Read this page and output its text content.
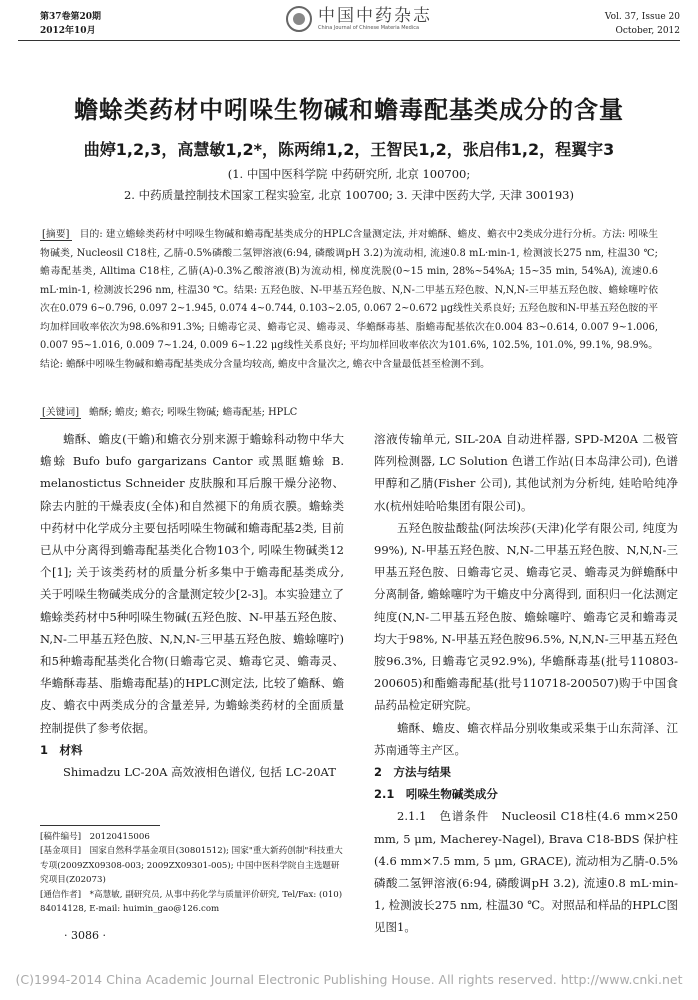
第37卷第20期
2012年10月
中国中药杂志
China Journal of Chinese Materia Medica
Vol. 37, Issue 20
October, 2012
蟾蜍类药材中吲哚生物碱和蟾毒配基类成分的含量
曲婷1,2,3，高慧敏1,2*，陈两绵1,2，王智民1,2，张启伟1,2，程翼宇3
(1. 中国中医科学院 中药研究所, 北京 100700;
2. 中药质量控制技术国家工程实验室, 北京 100700; 3. 天津中医药大学, 天津 300193)
[摘要] 目的: 建立蟾蜍类药材中吲哚生物碱和蟾毒配基类成分的HPLC含量测定法, 并对蟾酥、蟾皮、蟾衣中2类成分进行分析。方法: 吲哚生物碱类, Nucleosil C18柱, 乙腈-0.5%磷酸二氢钾溶液(6:94, 磷酸调pH 3.2)为流动相, 流速0.8 mL·min-1, 检测波长275 nm, 柱温30 ℃; 蟾毒配基类, Alltima C18柱, 乙腈(A)-0.3%乙酸溶液(B)为流动相, 梯度洗脱(0~15 min, 28%~54%A; 15~35 min, 54%A), 流速0.6 mL·min-1, 检测波长296 nm, 柱温30 ℃。结果: 五羟色胺、N-甲基五羟色胺、N,N-二甲基五羟色胺、N,N,N-三甲基五羟色胺、蟾蜍噻咛依次在0.079 6~0.796, 0.097 2~1.945, 0.074 4~0.744, 0.103~2.05, 0.067 2~0.672 μg线性关系良好; 五羟色胺和N-甲基五羟色胺的平均加样回收率依次为98.6%和91.3%; 日蟾毒它灵、蟾毒它灵、蟾毒灵、华蟾酥毒基、脂蟾毒配基依次在0.004 83~0.614, 0.007 9~1.006, 0.007 95~1.016, 0.009 7~1.24, 0.009 6~1.22 μg线性关系良好; 平均加样回收率依次为101.6%, 102.5%, 101.0%, 99.1%, 98.9%。结论: 蟾酥中吲哚生物碱和蟾毒配基类成分含量均较高, 蟾皮中含量次之, 蟾衣中含量最低甚至检测不到。
[关键词] 蟾酥; 蟾皮; 蟾衣; 吲哚生物碱; 蟾毒配基; HPLC

蟾酥、蟾皮(干蟾)和蟾衣分别来源于蟾蜍科动物中华大蟾蜍 Bufo bufo gargarizans Cantor 或黑眶蟾蜍 B. melanostictus Schneider 皮肤腺和耳后腺干燥分泌物、除去内脏的干燥表皮(全体)和自然褪下的角质衣膜。蟾蜍类中药材中化学成分主要包括吲哚生物碱和蟾毒配基2类, 目前已从中分离得到蟾毒配基类化合物103个, 吲哚生物碱类12个[1]; 关于该类药材的质量分析多集中于蟾毒配基类成分, 关于吲哚生物碱类成分的含量测定较少[2-3]。本实验建立了蟾蜍类药材中5种吲哚生物碱(五羟色胺、N-甲基五羟色胺、N,N-二甲基五羟色胺、N,N,N-三甲基五羟色胺、蟾蜍噻咛)和5种蟾毒配基类化合物(日蟾毒它灵、蟾毒它灵、蟾毒灵、华蟾酥毒基、脂蟾毒配基)的HPLC测定法, 比较了蟾酥、蟾皮、蟾衣中两类成分的含量差异, 为蟾蜍类药材的全面质量控制提供了参考依据。

1　材料

Shimadzu LC-20A 高效液相色谱仪, 包括 LC-20AT

溶液传输单元, SIL-20A 自动进样器, SPD-M20A 二极管阵列检测器, LC Solution 色谱工作站(日本岛津公司), 色谱甲醇和乙腈(Fisher 公司), 其他试剂为分析纯, 娃哈哈纯净水(杭州娃哈哈集团有限公司)。

五羟色胺盐酸盐(阿法埃莎(天津)化学有限公司, 纯度为99%), N-甲基五羟色胺、N,N-二甲基五羟色胺、N,N,N-三甲基五羟色胺、日蟾毒它灵、蟾毒它灵、蟾毒灵为鲜蟾酥中分离制备, 蟾蜍噻咛为干蟾皮中分离得到, 面积归一化法测定纯度(N,N-二甲基五羟色胺、蟾蜍噻咛、蟾毒它灵和蟾毒灵均大于98%, N-甲基五羟色胺96.5%, N,N,N-三甲基五羟色胺96.3%, 日蟾毒它灵92.9%), 华蟾酥毒基(批号110803-200605)和酯蟾毒配基(批号110718-200507)购于中国食品药品检定研究院。

蟾酥、蟾皮、蟾衣样品分别收集或采集于山东菏泽、江苏南通等主产区。

2　方法与结果

2.1　吲哚生物碱类成分

2.1.1　色谱条件　Nucleosil C18柱(4.6 mm×250 mm, 5 μm, Macherey-Nagel), Brava C18-BDS 保护柱(4.6 mm×7.5 mm, 5 μm, GRACE), 流动相为乙腈-0.5%磷酸二氢钾溶液(6:94, 磷酸调pH 3.2), 流速0.8 mL·min-1, 检测波长275 nm, 柱温30 ℃。对照品和样品的HPLC图见图1。

[稿件编号]　20120415006
[基金项目]　国家自然科学基金项目(30801512); 国家"重大新药创制"科技重大专项(2009ZX09308-003; 2009ZX09301-005); 中国中医科学院自主选题研究项目(Z02073)
[通信作者]　*高慧敏, 副研究员, 从事中药化学与质量评价研究, Tel/Fax: (010) 84014128, E-mail: huimin_gao@126.com
· 3086 ·
(C)1994-2014 China Academic Journal Electronic Publishing House. All rights reserved. http://www.cnki.net
